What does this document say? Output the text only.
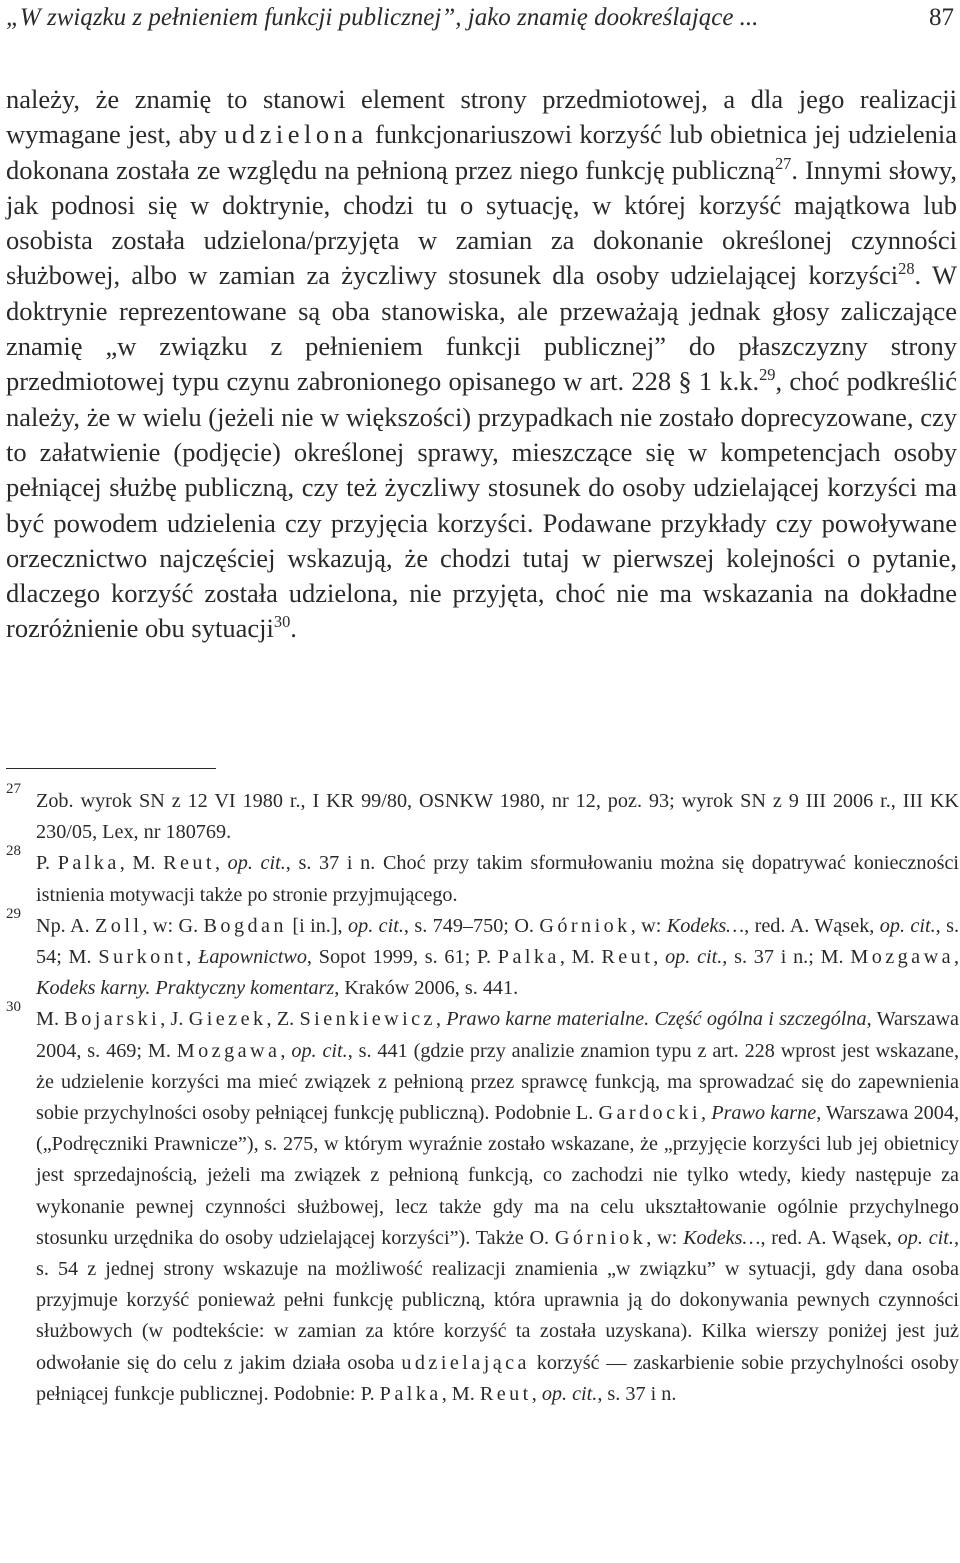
„W związku z pełnieniem funkcji publicznej”, jako znamię dookreślające ...	87

należy, że znamię to stanowi element strony przedmiotowej, a dla jego realizacji wymagane jest, aby udzielona funkcjonariuszowi korzyść lub obietnica jej udzielenia dokonana została ze względu na pełnioną przez niego funkcję publiczną$^{27}$. Innymi słowy, jak podnosi się w doktrynie, chodzi tu o sytuację, w której korzyść majątkowa lub osobista została udzielona/przyjęta w zamian za dokonanie określonej czynności służbowej, albo w zamian za życzliwy stosunek dla osoby udzielającej korzyści$^{28}$. W doktrynie reprezentowane są oba stanowiska, ale przeważają jednak głosy zaliczające znamię „w związku z pełnieniem funkcji publicznej” do płaszczyzny strony przedmiotowej typu czynu zabronionego opisanego w art. 228 § 1 k.k.$^{29}$, choć podkreślić należy, że w wielu (jeżeli nie w większości) przypadkach nie zostało doprecyzowane, czy to załatwienie (podjęcie) określonej sprawy, mieszczące się w kompetencjach osoby pełniącej służbę publiczną, czy też życzliwy stosunek do osoby udzielającej korzyści ma być powodem udzielenia czy przyjęcia korzyści. Podawane przykłady czy powoływane orzecznictwo najczęściej wskazują, że chodzi tutaj w pierwszej kolejności o pytanie, dlaczego korzyść została udzielona, nie przyjęta, choć nie ma wskazania na dokładne rozróżnienie obu sytuacji$^{30}$.

27
Zob. wyrok SN z 12 VI 1980 r., I KR 99/80, OSNKW 1980, nr 12, poz. 93; wyrok SN z 9 III 2006 r., III KK 230/05, Lex, nr 180769.

28
P. Palka, M. Reut, op. cit., s. 37 i n. Choć przy takim sformułowaniu można się dopatrywać konieczności istnienia motywacji także po stronie przyjmującego.

29
Np. A. Zoll, w: G. Bogdan [i in.], op. cit., s. 749–750; O. Górniok, w: Kodeks…, red. A. Wąsek, op. cit., s. 54; M. Surkont, Łapownictwo, Sopot 1999, s. 61; P. Palka, M. Reut, op. cit., s. 37 i n.; M. Mozgawa, Kodeks karny. Praktyczny komentarz, Kraków 2006, s. 441.

30
M. Bojarski, J. Giezek, Z. Sienkiewicz, Prawo karne materialne. Część ogólna i szczególna, Warszawa 2004, s. 469; M. Mozgawa, op. cit., s. 441 (gdzie przy analizie znamion typu z art. 228 wprost jest wskazane, że udzielenie korzyści ma mieć związek z pełnioną przez sprawcę funkcją, ma sprowadzać się do zapewnienia sobie przychylności osoby pełniącej funkcję publiczną). Podobnie L. Gardocki, Prawo karne, Warszawa 2004, („Podręczniki Prawnicze”), s. 275, w którym wyraźnie zostało wskazane, że „przyjęcie korzyści lub jej obietnicy jest sprzedajnością, jeżeli ma związek z pełnioną funkcją, co zachodzi nie tylko wtedy, kiedy następuje za wykonanie pewnej czynności służbowej, lecz także gdy ma na celu ukształtowanie ogólnie przychylnego stosunku urzędnika do osoby udzielającej korzyści”). Także O. Górniok, w: Kodeks…, red. A. Wąsek, op. cit., s. 54 z jednej strony wskazuje na możliwość realizacji znamienia „w związku” w sytuacji, gdy dana osoba przyjmuje korzyść ponieważ pełni funkcję publiczną, która uprawnia ją do dokonywania pewnych czynności służbowych (w podtekście: w zamian za które korzyść ta została uzyskana). Kilka wierszy poniżej jest już odwołanie się do celu z jakim działa osoba udzielająca korzyść — zaskarbienie sobie przychylności osoby pełniącej funkcje publicznej. Podobnie: P. Palka, M. Reut, op. cit., s. 37 i n.
